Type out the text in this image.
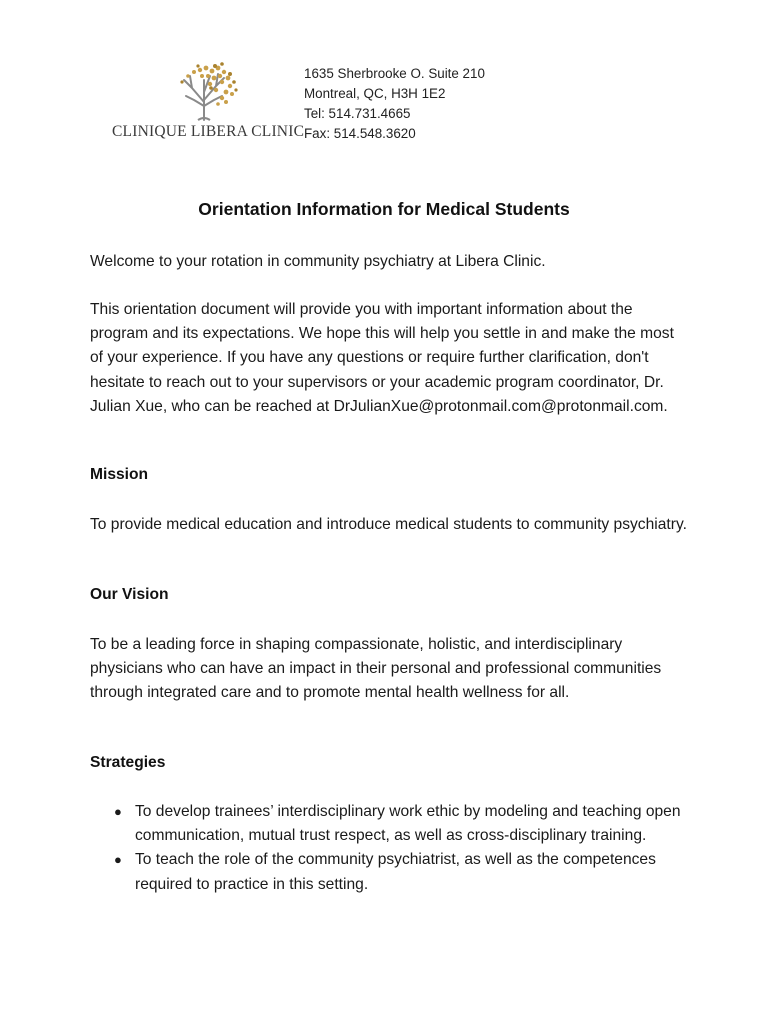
CLINIQUE LIBERA CLINIC
1635 Sherbrooke O. Suite 210
Montreal, QC, H3H 1E2
Tel: 514.731.4665
Fax: 514.548.3620
Orientation Information for Medical Students
Welcome to your rotation in community psychiatry at Libera Clinic.
This orientation document will provide you with important information about the program and its expectations. We hope this will help you settle in and make the most of your experience. If you have any questions or require further clarification, don't hesitate to reach out to your supervisors or your academic program coordinator, Dr. Julian Xue, who can be reached at DrJulianXue@protonmail.com@protonmail.com.
Mission
To provide medical education and introduce medical students to community psychiatry.
Our Vision
To be a leading force in shaping compassionate, holistic, and interdisciplinary physicians who can have an impact in their personal and professional communities through integrated care and to promote mental health wellness for all.
Strategies
● To develop trainees’ interdisciplinary work ethic by modeling and teaching open communication, mutual trust respect, as well as cross-disciplinary training.
● To teach the role of the community psychiatrist, as well as the competences required to practice in this setting.
